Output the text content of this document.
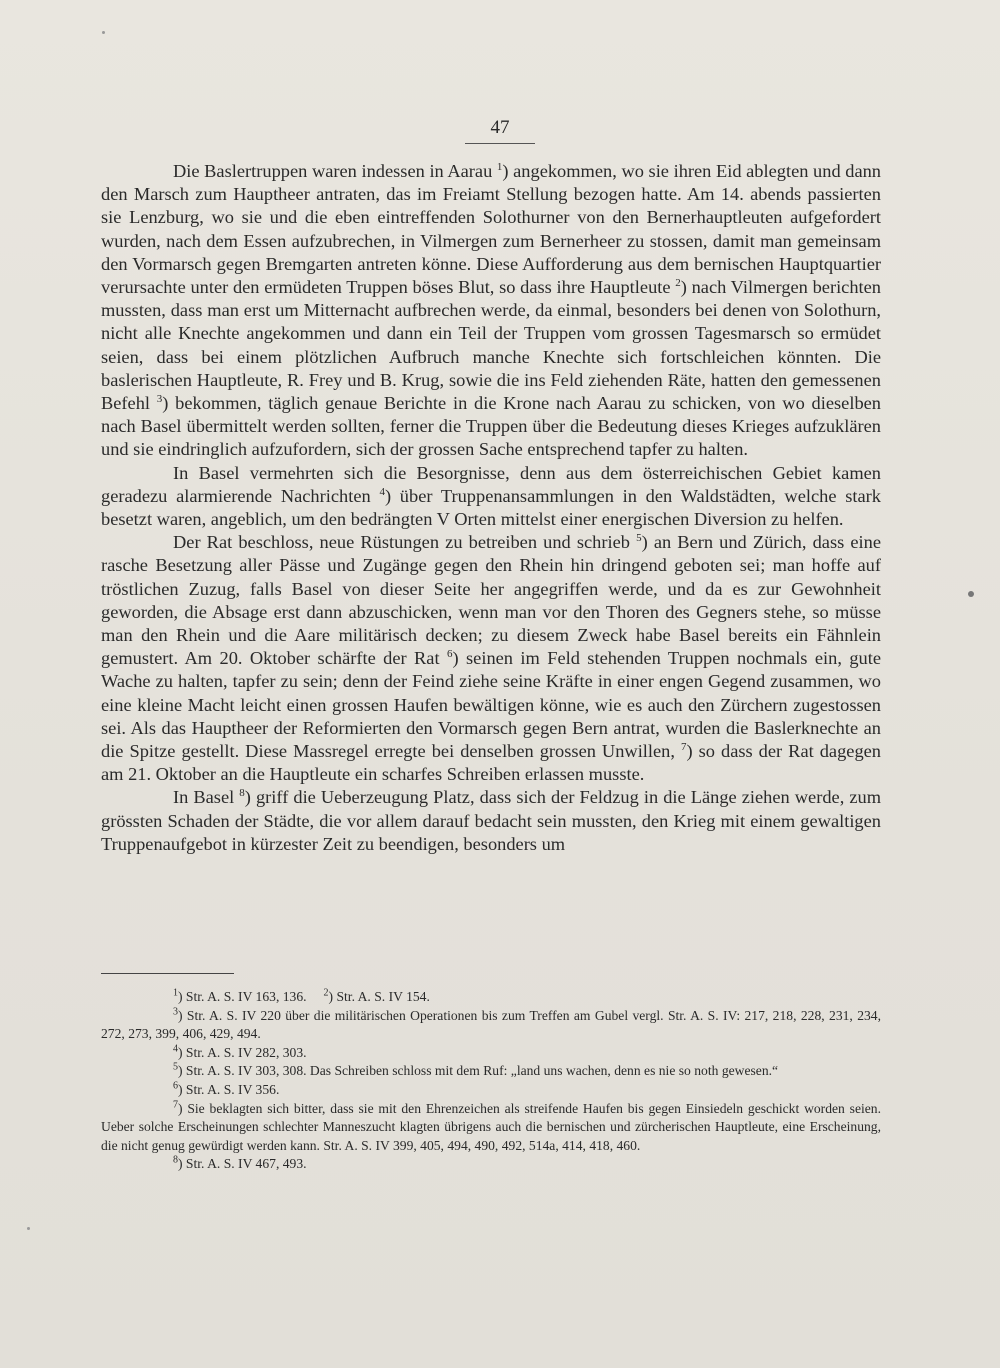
47

Die Baslertruppen waren indessen in Aarau $^1$) angekommen, wo sie ihren Eid ablegten und dann den Marsch zum Hauptheer antraten, das im Freiamt Stellung bezogen hatte. Am 14. abends passierten sie Lenzburg, wo sie und die eben eintreffenden Solothurner von den Bernerhauptleuten aufgefordert wurden, nach dem Essen aufzubrechen, in Vilmergen zum Bernerheer zu stossen, damit man gemeinsam den Vormarsch gegen Bremgarten antreten könne. Diese Aufforderung aus dem bernischen Hauptquartier verursachte unter den ermüdeten Truppen böses Blut, so dass ihre Hauptleute $^2$) nach Vilmergen berichten mussten, dass man erst um Mitternacht aufbrechen werde, da einmal, besonders bei denen von Solothurn, nicht alle Knechte angekommen und dann ein Teil der Truppen vom grossen Tagesmarsch so ermüdet seien, dass bei einem plötzlichen Aufbruch manche Knechte sich fortschleichen könnten. Die baslerischen Hauptleute, R. Frey und B. Krug, sowie die ins Feld ziehenden Räte, hatten den gemessenen Befehl $^3$) bekommen, täglich genaue Berichte in die Krone nach Aarau zu schicken, von wo dieselben nach Basel übermittelt werden sollten, ferner die Truppen über die Bedeutung dieses Krieges aufzuklären und sie eindringlich aufzufordern, sich der grossen Sache entsprechend tapfer zu halten.

In Basel vermehrten sich die Besorgnisse, denn aus dem österreichischen Gebiet kamen geradezu alarmierende Nachrichten $^4$) über Truppenansammlungen in den Waldstädten, welche stark besetzt waren, angeblich, um den bedrängten V Orten mittelst einer energischen Diversion zu helfen.

Der Rat beschloss, neue Rüstungen zu betreiben und schrieb $^5$) an Bern und Zürich, dass eine rasche Besetzung aller Pässe und Zugänge gegen den Rhein hin dringend geboten sei; man hoffe auf tröstlichen Zuzug, falls Basel von dieser Seite her angegriffen werde, und da es zur Gewohnheit geworden, die Absage erst dann abzuschicken, wenn man vor den Thoren des Gegners stehe, so müsse man den Rhein und die Aare militärisch decken; zu diesem Zweck habe Basel bereits ein Fähnlein gemustert. Am 20. Oktober schärfte der Rat $^6$) seinen im Feld stehenden Truppen nochmals ein, gute Wache zu halten, tapfer zu sein; denn der Feind ziehe seine Kräfte in einer engen Gegend zusammen, wo eine kleine Macht leicht einen grossen Haufen bewältigen könne, wie es auch den Zürchern zugestossen sei. Als das Hauptheer der Reformierten den Vormarsch gegen Bern antrat, wurden die Baslerknechte an die Spitze gestellt. Diese Massregel erregte bei denselben grossen Unwillen, $^7$) so dass der Rat dagegen am 21. Oktober an die Hauptleute ein scharfes Schreiben erlassen musste.

In Basel $^8$) griff die Ueberzeugung Platz, dass sich der Feldzug in die Länge ziehen werde, zum grössten Schaden der Städte, die vor allem darauf bedacht sein mussten, den Krieg mit einem gewaltigen Truppenaufgebot in kürzester Zeit zu beendigen, besonders um

$^1$) Str. A. S. IV 163, 136.     $^2$) Str. A. S. IV 154.

$^3$) Str. A. S. IV 220 über die militärischen Operationen bis zum Treffen am Gubel vergl. Str. A. S. IV: 217, 218, 228, 231, 234, 272, 273, 399, 406, 429, 494.

$^4$) Str. A. S. IV 282, 303.

$^5$) Str. A. S. IV 303, 308. Das Schreiben schloss mit dem Ruf: „land uns wachen, denn es nie so noth gewesen.“

$^6$) Str. A. S. IV 356.

$^7$) Sie beklagten sich bitter, dass sie mit den Ehrenzeichen als streifende Haufen bis gegen Einsiedeln geschickt worden seien. Ueber solche Erscheinungen schlechter Manneszucht klagten übrigens auch die bernischen und zürcherischen Hauptleute, eine Erscheinung, die nicht genug gewürdigt werden kann. Str. A. S. IV 399, 405, 494, 490, 492, 514a, 414, 418, 460.

$^8$) Str. A. S. IV 467, 493.
